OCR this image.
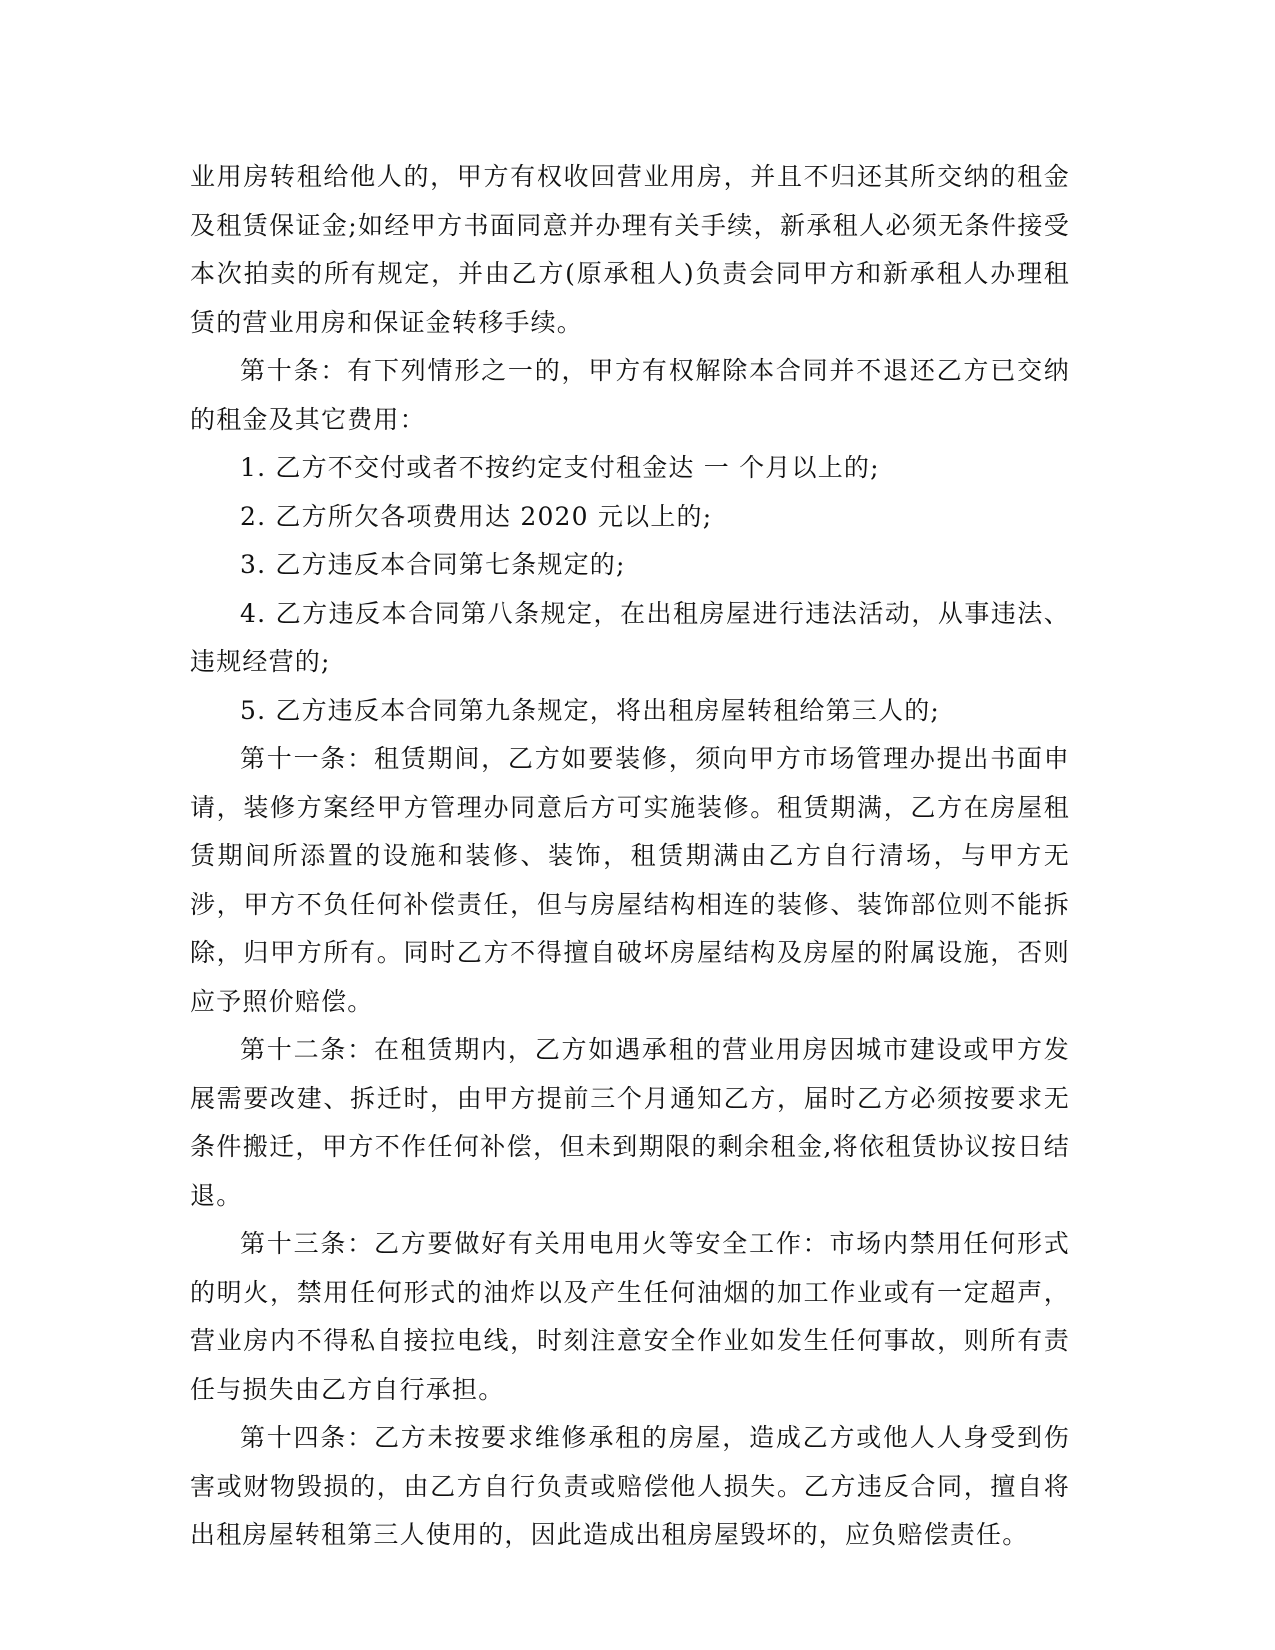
业用房转租给他人的，甲方有权收回营业用房，并且不归还其所交纳的租金及租赁保证金;如经甲方书面同意并办理有关手续，新承租人必须无条件接受本次拍卖的所有规定，并由乙方(原承租人)负责会同甲方和新承租人办理租赁的营业用房和保证金转移手续。

第十条：有下列情形之一的，甲方有权解除本合同并不退还乙方已交纳的租金及其它费用：

1. 乙方不交付或者不按约定支付租金达 一 个月以上的;

2. 乙方所欠各项费用达 2020 元以上的;

3. 乙方违反本合同第七条规定的;

4. 乙方违反本合同第八条规定，在出租房屋进行违法活动，从事违法、违规经营的;

5. 乙方违反本合同第九条规定，将出租房屋转租给第三人的;

第十一条：租赁期间，乙方如要装修，须向甲方市场管理办提出书面申请，装修方案经甲方管理办同意后方可实施装修。租赁期满，乙方在房屋租赁期间所添置的设施和装修、装饰，租赁期满由乙方自行清场，与甲方无涉，甲方不负任何补偿责任，但与房屋结构相连的装修、装饰部位则不能拆除，归甲方所有。同时乙方不得擅自破坏房屋结构及房屋的附属设施，否则应予照价赔偿。

第十二条：在租赁期内，乙方如遇承租的营业用房因城市建设或甲方发展需要改建、拆迁时，由甲方提前三个月通知乙方，届时乙方必须按要求无条件搬迁，甲方不作任何补偿，但未到期限的剩余租金,将依租赁协议按日结退。

第十三条：乙方要做好有关用电用火等安全工作：市场内禁用任何形式的明火，禁用任何形式的油炸以及产生任何油烟的加工作业或有一定超声，营业房内不得私自接拉电线，时刻注意安全作业如发生任何事故，则所有责任与损失由乙方自行承担。

第十四条：乙方未按要求维修承租的房屋，造成乙方或他人人身受到伤害或财物毁损的，由乙方自行负责或赔偿他人损失。乙方违反合同，擅自将出租房屋转租第三人使用的，因此造成出租房屋毁坏的，应负赔偿责任。
